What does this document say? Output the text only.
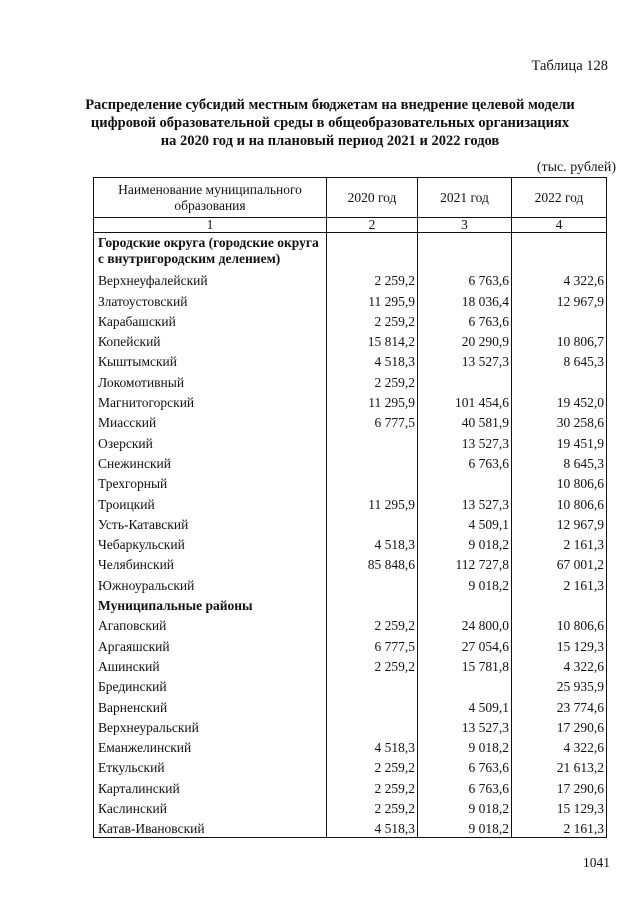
Таблица 128
Распределение субсидий местным бюджетам на внедрение целевой модели
цифровой образовательной среды в общеобразовательных организациях
на 2020 год и на плановый период 2021 и 2022 годов
(тыс. рублей)
Наименование муниципального образования	2020 год	2021 год	2022 год
1	2	3	4
Городские округа (городские округа с внутригородским делением)			
Верхнеуфалейский	2 259,2	6 763,6	4 322,6
Златоустовский	11 295,9	18 036,4	12 967,9
Карабашский	2 259,2	6 763,6	
Копейский	15 814,2	20 290,9	10 806,7
Кыштымский	4 518,3	13 527,3	8 645,3
Локомотивный	2 259,2		
Магнитогорский	11 295,9	101 454,6	19 452,0
Миасский	6 777,5	40 581,9	30 258,6
Озерский		13 527,3	19 451,9
Снежинский		6 763,6	8 645,3
Трехгорный			10 806,6
Троицкий	11 295,9	13 527,3	10 806,6
Усть-Катавский		4 509,1	12 967,9
Чебаркульский	4 518,3	9 018,2	2 161,3
Челябинский	85 848,6	112 727,8	67 001,2
Южноуральский		9 018,2	2 161,3
Муниципальные районы			
Агаповский	2 259,2	24 800,0	10 806,6
Аргаяшский	6 777,5	27 054,6	15 129,3
Ашинский	2 259,2	15 781,8	4 322,6
Брединский			25 935,9
Варненский		4 509,1	23 774,6
Верхнеуральский		13 527,3	17 290,6
Еманжелинский	4 518,3	9 018,2	4 322,6
Еткульский	2 259,2	6 763,6	21 613,2
Карталинский	2 259,2	6 763,6	17 290,6
Каслинский	2 259,2	9 018,2	15 129,3
Катав-Ивановский	4 518,3	9 018,2	2 161,3
1041
